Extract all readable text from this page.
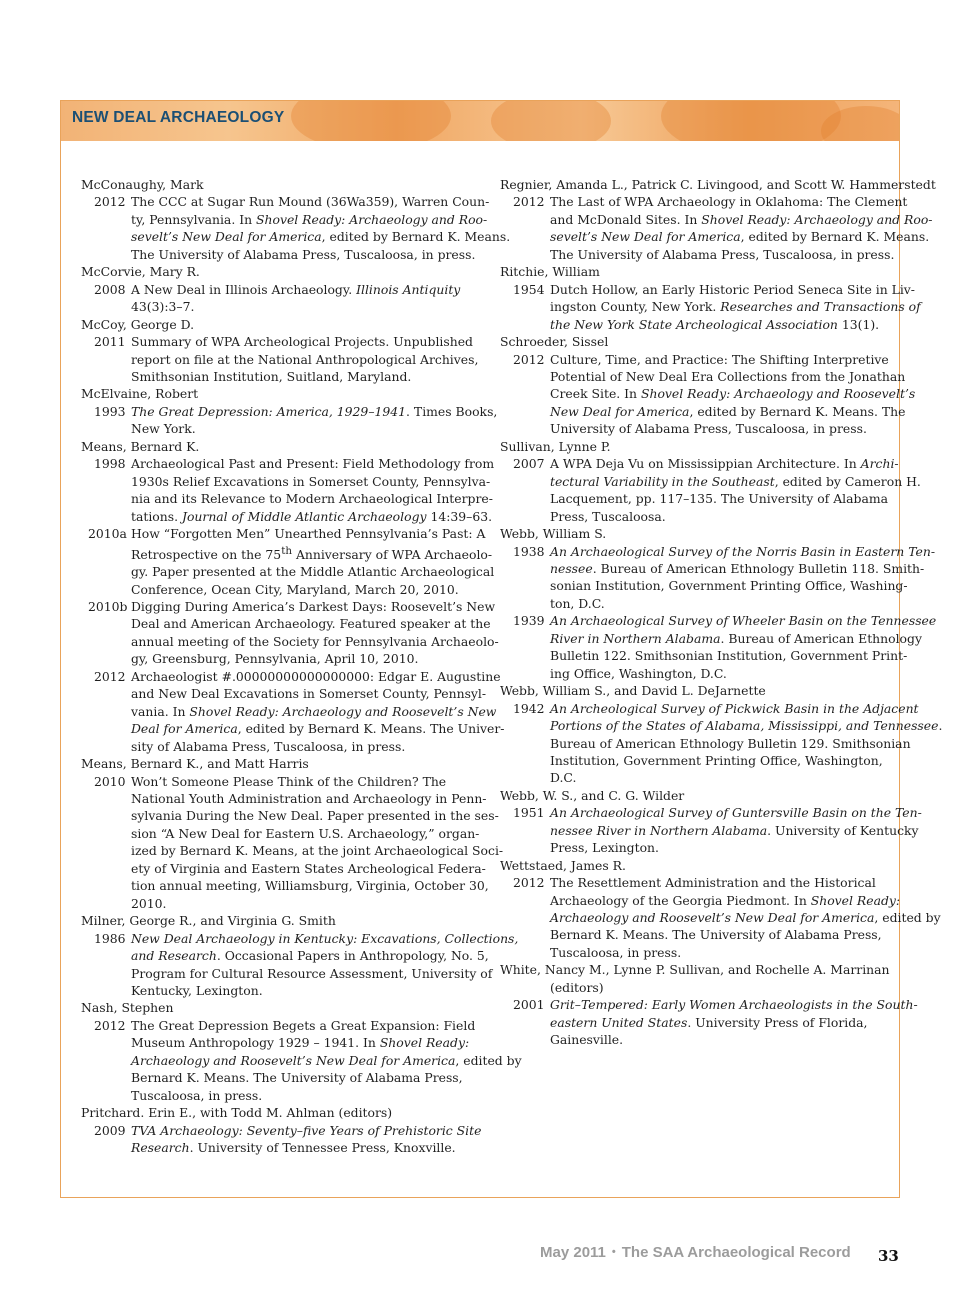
NEW DEAL ARCHAEOLOGY
McConaughy, Mark
2012 The CCC at Sugar Run Mound (36Wa359), Warren Coun-
ty, Pennsylvania. In Shovel Ready: Archaeology and Roo-
sevelt’s New Deal for America, edited by Bernard K. Means.
The University of Alabama Press, Tuscaloosa, in press.
McCorvie, Mary R.
2008 A New Deal in Illinois Archaeology. Illinois Antiquity
43(3):3–7.
McCoy, George D.
2011 Summary of WPA Archeological Projects. Unpublished
report on file at the National Anthropological Archives,
Smithsonian Institution, Suitland, Maryland.
McElvaine, Robert
1993 The Great Depression: America, 1929–1941. Times Books,
New York.
Means, Bernard K.
1998 Archaeological Past and Present: Field Methodology from
1930s Relief Excavations in Somerset County, Pennsylva-
nia and its Relevance to Modern Archaeological Interpre-
tations. Journal of Middle Atlantic Archaeology 14:39–63.
2010a How “Forgotten Men” Unearthed Pennsylvania’s Past: A
Retrospective on the 75th Anniversary of WPA Archaeolo-
gy. Paper presented at the Middle Atlantic Archaeological
Conference, Ocean City, Maryland, March 20, 2010.
2010b Digging During America’s Darkest Days: Roosevelt’s New
Deal and American Archaeology. Featured speaker at the
annual meeting of the Society for Pennsylvania Archaeolo-
gy, Greensburg, Pennsylvania, April 10, 2010.
2012 Archaeologist #.00000000000000000: Edgar E. Augustine
and New Deal Excavations in Somerset County, Pennsyl-
vania. In Shovel Ready: Archaeology and Roosevelt’s New
Deal for America, edited by Bernard K. Means. The Univer-
sity of Alabama Press, Tuscaloosa, in press.
Means, Bernard K., and Matt Harris
2010 Won’t Someone Please Think of the Children? The
National Youth Administration and Archaeology in Penn-
sylvania During the New Deal. Paper presented in the ses-
sion “A New Deal for Eastern U.S. Archaeology,” organ-
ized by Bernard K. Means, at the joint Archaeological Soci-
ety of Virginia and Eastern States Archeological Federa-
tion annual meeting, Williamsburg, Virginia, October 30,
2010.
Milner, George R., and Virginia G. Smith
1986 New Deal Archaeology in Kentucky: Excavations, Collections,
and Research. Occasional Papers in Anthropology, No. 5,
Program for Cultural Resource Assessment, University of
Kentucky, Lexington.
Nash, Stephen
2012 The Great Depression Begets a Great Expansion: Field
Museum Anthropology 1929 – 1941. In Shovel Ready:
Archaeology and Roosevelt’s New Deal for America, edited by
Bernard K. Means. The University of Alabama Press,
Tuscaloosa, in press.
Pritchard. Erin E., with Todd M. Ahlman (editors)
2009 TVA Archaeology: Seventy–five Years of Prehistoric Site
Research. University of Tennessee Press, Knoxville.
Regnier, Amanda L., Patrick C. Livingood, and Scott W. Hammerstedt
2012 The Last of WPA Archaeology in Oklahoma: The Clement
and McDonald Sites. In Shovel Ready: Archaeology and Roo-
sevelt’s New Deal for America, edited by Bernard K. Means.
The University of Alabama Press, Tuscaloosa, in press.
Ritchie, William
1954 Dutch Hollow, an Early Historic Period Seneca Site in Liv-
ingston County, New York. Researches and Transactions of
the New York State Archeological Association 13(1).
Schroeder, Sissel
2012 Culture, Time, and Practice: The Shifting Interpretive
Potential of New Deal Era Collections from the Jonathan
Creek Site. In Shovel Ready: Archaeology and Roosevelt’s
New Deal for America, edited by Bernard K. Means. The
University of Alabama Press, Tuscaloosa, in press.
Sullivan, Lynne P.
2007 A WPA Deja Vu on Mississippian Architecture. In Archi-
tectural Variability in the Southeast, edited by Cameron H.
Lacquement, pp. 117–135. The University of Alabama
Press, Tuscaloosa.
Webb, William S.
1938 An Archaeological Survey of the Norris Basin in Eastern Ten-
nessee. Bureau of American Ethnology Bulletin 118. Smith-
sonian Institution, Government Printing Office, Washing-
ton, D.C.
1939 An Archaeological Survey of Wheeler Basin on the Tennessee
River in Northern Alabama. Bureau of American Ethnology
Bulletin 122. Smithsonian Institution, Government Print-
ing Office, Washington, D.C.
Webb, William S., and David L. DeJarnette
1942 An Archeological Survey of Pickwick Basin in the Adjacent
Portions of the States of Alabama, Mississippi, and Tennessee.
Bureau of American Ethnology Bulletin 129. Smithsonian
Institution, Government Printing Office, Washington,
D.C.
Webb, W. S., and C. G. Wilder
1951 An Archaeological Survey of Guntersville Basin on the Ten-
nessee River in Northern Alabama. University of Kentucky
Press, Lexington.
Wettstaed, James R.
2012 The Resettlement Administration and the Historical
Archaeology of the Georgia Piedmont. In Shovel Ready:
Archaeology and Roosevelt’s New Deal for America, edited by
Bernard K. Means. The University of Alabama Press,
Tuscaloosa, in press.
White, Nancy M., Lynne P. Sullivan, and Rochelle A. Marrinan
(editors)
2001 Grit–Tempered: Early Women Archaeologists in the South-
eastern United States. University Press of Florida,
Gainesville.
May 2011 • The SAA Archaeological Record 33
